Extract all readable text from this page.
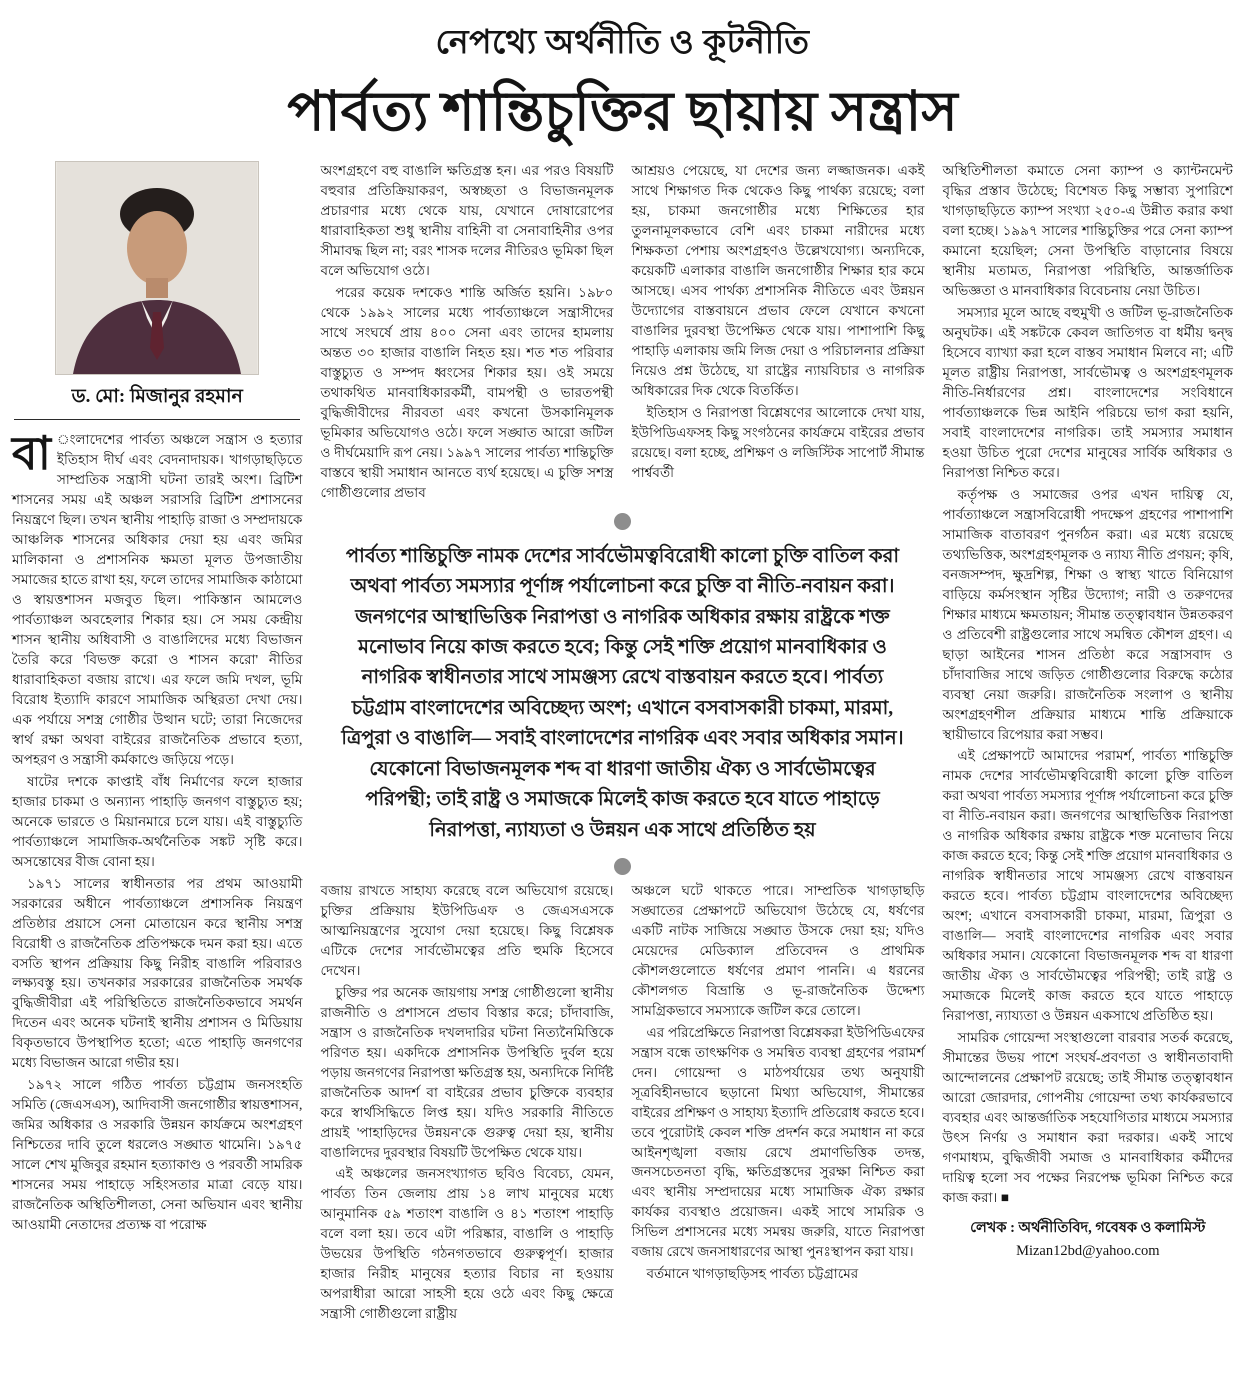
নেপথ্যে অর্থনীতি ও কূটনীতি
পার্বত্য শান্তিচুক্তির ছায়ায় সন্ত্রাস
ড. মো: মিজানুর রহমান

বা ংলাদেশের পার্বত্য অঞ্চলে সন্ত্রাস ও হত্যার ইতিহাস দীর্ঘ এবং বেদনাদায়ক। খাগড়াছড়িতে সাম্প্রতিক সন্ত্রাসী ঘটনা তারই অংশ। ব্রিটিশ শাসনের সময় এই অঞ্চল সরাসরি ব্রিটিশ প্রশাসনের নিয়ন্ত্রণে ছিল। তখন স্থানীয় পাহাড়ি রাজা ও সম্প্রদায়কে আঞ্চলিক শাসনের অধিকার দেয়া হয় এবং জমির মালিকানা ও প্রশাসনিক ক্ষমতা মূলত উপজাতীয় সমাজের হাতে রাখা হয়, ফলে তাদের সামাজিক কাঠামো ও স্বায়ত্তশাসন মজবুত ছিল। পাকিস্তান আমলেও পার্বত্যাঞ্চল অবহেলার শিকার হয়। সে সময় কেন্দ্রীয় শাসন স্থানীয় অধিবাসী ও বাঙালিদের মধ্যে বিভাজন তৈরি করে 'বিভক্ত করো ও শাসন করো' নীতির ধারাবাহিকতা বজায় রাখে। এর ফলে জমি দখল, ভূমি বিরোধ ইত্যাদি কারণে সামাজিক অস্থিরতা দেখা দেয়। এক পর্যায়ে সশস্ত্র গোষ্ঠীর উত্থান ঘটে; তারা নিজেদের স্বার্থ রক্ষা অথবা বাইরের রাজনৈতিক প্রভাবে হত্যা, অপহরণ ও সন্ত্রাসী কর্মকাণ্ডে জড়িয়ে পড়ে।

ষাটের দশকে কাপ্তাই বাঁধ নির্মাণের ফলে হাজার হাজার চাকমা ও অন্যান্য পাহাড়ি জনগণ বাস্তুচ্যুত হয়; অনেকে ভারতে ও মিয়ানমারে চলে যায়। এই বাস্তুচ্যুতি পার্বত্যাঞ্চলে সামাজিক-অর্থনৈতিক সঙ্কট সৃষ্টি করে। অসন্তোষের বীজ বোনা হয়।

১৯৭১ সালের স্বাধীনতার পর প্রথম আওয়ামী সরকারের অধীনে পার্বত্যাঞ্চলে প্রশাসনিক নিয়ন্ত্রণ প্রতিষ্ঠার প্রয়াসে সেনা মোতায়েন করে স্থানীয় সশস্ত্র বিরোধী ও রাজনৈতিক প্রতিপক্ষকে দমন করা হয়। এতে বসতি স্থাপন প্রক্রিয়ায় কিছু নিরীহ বাঙালি পরিবারও লক্ষ্যবস্তু হয়। তখনকার সরকারের রাজনৈতিক সমর্থক বুদ্ধিজীবীরা এই পরিস্থিতিতে রাজনৈতিকভাবে সমর্থন দিতেন এবং অনেক ঘটনাই স্থানীয় প্রশাসন ও মিডিয়ায় বিকৃতভাবে উপস্থাপিত হতো; এতে পাহাড়ি জনগণের মধ্যে বিভাজন আরো গভীর হয়।

১৯৭২ সালে গঠিত পার্বত্য চট্টগ্রাম জনসংহতি সমিতি (জেএসএস), আদিবাসী জনগোষ্ঠীর স্বায়ত্তশাসন, জমির অধিকার ও সরকারি উন্নয়ন কার্যক্রমে অংশগ্রহণ নিশ্চিতের দাবি তুলে ধরলেও সঙ্ঘাত থামেনি। ১৯৭৫ সালে শেখ মুজিবুর রহমান হত্যাকাণ্ড ও পরবর্তী সামরিক শাসনের সময় পাহাড়ে সহিংসতার মাত্রা বেড়ে যায়। রাজনৈতিক অস্থিতিশীলতা, সেনা অভিযান এবং স্থানীয় আওয়ামী নেতাদের প্রত্যক্ষ বা পরোক্ষ

অংশগ্রহণে বহু বাঙালি ক্ষতিগ্রস্ত হন। এর পরও বিষয়টি বহুবার প্রতিক্রিয়াকরণ, অস্বচ্ছতা ও বিভাজনমূলক প্রচারণার মধ্যে থেকে যায়, যেখানে দোষারোপের ধারাবাহিকতা শুধু স্থানীয় বাহিনী বা সেনাবাহিনীর ওপর সীমাবদ্ধ ছিল না; বরং শাসক দলের নীতিরও ভূমিকা ছিল বলে অভিযোগ ওঠে।

পরের কয়েক দশকেও শান্তি অর্জিত হয়নি। ১৯৮০ থেকে ১৯৯২ সালের মধ্যে পার্বত্যাঞ্চলে সন্ত্রাসীদের সাথে সংঘর্ষে প্রায় ৪০০ সেনা এবং তাদের হামলায় অন্তত ৩০ হাজার বাঙালি নিহত হয়। শত শত পরিবার বাস্তুচ্যুত ও সম্পদ ধ্বংসের শিকার হয়। ওই সময়ে তথাকথিত মানবাধিকারকর্মী, বামপন্থী ও ভারতপন্থী বুদ্ধিজীবীদের নীরবতা এবং কখনো উসকানিমূলক ভূমিকার অভিযোগও ওঠে। ফলে সঙ্ঘাত আরো জটিল ও দীর্ঘমেয়াদি রূপ নেয়। ১৯৯৭ সালের পার্বত্য শান্তিচুক্তি বাস্তবে স্থায়ী সমাধান আনতে ব্যর্থ হয়েছে। এ চুক্তি সশস্ত্র গোষ্ঠীগুলোর প্রভাব

আশ্রয়ও পেয়েছে, যা দেশের জন্য লজ্জাজনক। একই সাথে শিক্ষাগত দিক থেকেও কিছু পার্থক্য রয়েছে; বলা হয়, চাকমা জনগোষ্ঠীর মধ্যে শিক্ষিতের হার তুলনামূলকভাবে বেশি এবং চাকমা নারীদের মধ্যে শিক্ষকতা পেশায় অংশগ্রহণও উল্লেখযোগ্য। অন্যদিকে, কয়েকটি এলাকার বাঙালি জনগোষ্ঠীর শিক্ষার হার কমে আসছে। এসব পার্থক্য প্রশাসনিক নীতিতে এবং উন্নয়ন উদ্যোগের বাস্তবায়নে প্রভাব ফেলে যেখানে কখনো বাঙালির দুরবস্থা উপেক্ষিত থেকে যায়। পাশাপাশি কিছু পাহাড়ি এলাকায় জমি লিজ দেয়া ও পরিচালনার প্রক্রিয়া নিয়েও প্রশ্ন উঠেছে, যা রাষ্ট্রের ন্যায়বিচার ও নাগরিক অধিকারের দিক থেকে বিতর্কিত।

ইতিহাস ও নিরাপত্তা বিশ্লেষণের আলোকে দেখা যায়, ইউপিডিএফসহ কিছু সংগঠনের কার্যক্রমে বাইরের প্রভাব রয়েছে। বলা হচ্ছে, প্রশিক্ষণ ও লজিস্টিক সাপোর্ট সীমান্ত পার্শ্ববর্তী

পার্বত্য শান্তিচুক্তি নামক দেশের সার্বভৌমত্ববিরোধী কালো চুক্তি বাতিল করা অথবা পার্বত্য সমস্যার পূর্ণাঙ্গ পর্যালোচনা করে চুক্তি বা নীতি-নবায়ন করা। জনগণের আস্থাভিত্তিক নিরাপত্তা ও নাগরিক অধিকার রক্ষায় রাষ্ট্রকে শক্ত মনোভাব নিয়ে কাজ করতে হবে; কিন্তু সেই শক্তি প্রয়োগ মানবাধিকার ও নাগরিক স্বাধীনতার সাথে সামঞ্জস্য রেখে বাস্তবায়ন করতে হবে। পার্বত্য চট্টগ্রাম বাংলাদেশের অবিচ্ছেদ্য অংশ; এখানে বসবাসকারী চাকমা, মারমা, ত্রিপুরা ও বাঙালি— সবাই বাংলাদেশের নাগরিক এবং সবার অধিকার সমান। যেকোনো বিভাজনমূলক শব্দ বা ধারণা জাতীয় ঐক্য ও সার্বভৌমত্বের পরিপন্থী; তাই রাষ্ট্র ও সমাজকে মিলেই কাজ করতে হবে যাতে পাহাড়ে নিরাপত্তা, ন্যায্যতা ও উন্নয়ন এক সাথে প্রতিষ্ঠিত হয়

বজায় রাখতে সাহায্য করেছে বলে অভিযোগ রয়েছে। চুক্তির প্রক্রিয়ায় ইউপিডিএফ ও জেএসএসকে আত্মনিয়ন্ত্রণের সুযোগ দেয়া হয়েছে। কিছু বিশ্লেষক এটিকে দেশের সার্বভৌমত্বের প্রতি হুমকি হিসেবে দেখেন।

চুক্তির পর অনেক জায়গায় সশস্ত্র গোষ্ঠীগুলো স্থানীয় রাজনীতি ও প্রশাসনে প্রভাব বিস্তার করে; চাঁদাবাজি, সন্ত্রাস ও রাজনৈতিক দখলদারির ঘটনা নিত্যনৈমিত্তিকে পরিণত হয়। একদিকে প্রশাসনিক উপস্থিতি দুর্বল হয়ে পড়ায় জনগণের নিরাপত্তা ক্ষতিগ্রস্ত হয়, অন্যদিকে নির্দিষ্ট রাজনৈতিক আদর্শ বা বাইরের প্রভাব চুক্তিকে ব্যবহার করে স্বার্থসিদ্ধিতে লিপ্ত হয়। যদিও সরকারি নীতিতে প্রায়ই 'পাহাড়িদের উন্নয়ন'কে গুরুত্ব দেয়া হয়, স্থানীয় বাঙালিদের দুরবস্থার বিষয়টি উপেক্ষিত থেকে যায়।

এই অঞ্চলের জনসংখ্যাগত ছবিও বিবেচ্য, যেমন, পার্বত্য তিন জেলায় প্রায় ১৪ লাখ মানুষের মধ্যে আনুমানিক ৫৯ শতাংশ বাঙালি ও ৪১ শতাংশ পাহাড়ি বলে বলা হয়। তবে এটা পরিষ্কার, বাঙালি ও পাহাড়ি উভয়ের উপস্থিতি গঠনগতভাবে গুরুত্বপূর্ণ। হাজার হাজার নিরীহ মানুষের হত্যার বিচার না হওয়ায় অপরাধীরা আরো সাহসী হয়ে ওঠে এবং কিছু ক্ষেত্রে সন্ত্রাসী গোষ্ঠীগুলো রাষ্ট্রীয়

অঞ্চলে ঘটে থাকতে পারে। সাম্প্রতিক খাগড়াছড়ি সঙ্ঘাতের প্রেক্ষাপটে অভিযোগ উঠেছে যে, ধর্ষণের একটি নাটক সাজিয়ে সঙ্ঘাত উসকে দেয়া হয়; যদিও মেয়েদের মেডিক্যাল প্রতিবেদন ও প্রাথমিক কৌশলগুলোতে ধর্ষণের প্রমাণ পাননি। এ ধরনের কৌশলগত বিভ্রান্তি ও ভূ-রাজনৈতিক উদ্দেশ্য সামগ্রিকভাবে সমস্যাকে জটিল করে তোলে।

এর পরিপ্রেক্ষিতে নিরাপত্তা বিশ্লেষকরা ইউপিডিএফের সন্ত্রাস বন্ধে তাৎক্ষণিক ও সমন্বিত ব্যবস্থা গ্রহণের পরামর্শ দেন। গোয়েন্দা ও মাঠপর্যায়ের তথ্য অনুযায়ী সূত্রবিহীনভাবে ছড়ানো মিথ্যা অভিযোগ, সীমান্তের বাইরের প্রশিক্ষণ ও সাহায্য ইত্যাদি প্রতিরোধ করতে হবে। তবে পুরোটাই কেবল শক্তি প্রদর্শন করে সমাধান না করে আইনশৃঙ্খলা বজায় রেখে প্রমাণভিত্তিক তদন্ত, জনসচেতনতা বৃদ্ধি, ক্ষতিগ্রস্তদের সুরক্ষা নিশ্চিত করা এবং স্থানীয় সম্প্রদায়ের মধ্যে সামাজিক ঐক্য রক্ষার কার্যকর ব্যবস্থাও প্রয়োজন। একই সাথে সামরিক ও সিভিল প্রশাসনের মধ্যে সমন্বয় জরুরি, যাতে নিরাপত্তা বজায় রেখে জনসাধারণের আস্থা পুনঃস্থাপন করা যায়।

বর্তমানে খাগড়াছড়িসহ পার্বত্য চট্টগ্রামের

অস্থিতিশীলতা কমাতে সেনা ক্যাম্প ও ক্যান্টনমেন্ট বৃদ্ধির প্রস্তাব উঠেছে; বিশেষত কিছু সম্ভাব্য সুপারিশে খাগড়াছড়িতে ক্যাম্প সংখ্যা ২৫০-এ উন্নীত করার কথা বলা হচ্ছে। ১৯৯৭ সালের শান্তিচুক্তির পরে সেনা ক্যাম্প কমানো হয়েছিল; সেনা উপস্থিতি বাড়ানোর বিষয়ে স্থানীয় মতামত, নিরাপত্তা পরিস্থিতি, আন্তর্জাতিক অভিজ্ঞতা ও মানবাধিকার বিবেচনায় নেয়া উচিত।

সমস্যার মূলে আছে বহুমুখী ও জটিল ভূ-রাজনৈতিক অনুঘটক। এই সঙ্কটকে কেবল জাতিগত বা ধর্মীয় দ্বন্দ্ব হিসেবে ব্যাখ্যা করা হলে বাস্তব সমাধান মিলবে না; এটি মূলত রাষ্ট্রীয় নিরাপত্তা, সার্বভৌমত্ব ও অংশগ্রহণমূলক নীতি-নির্ধারণের প্রশ্ন। বাংলাদেশের সংবিধানে পার্বত্যাঞ্চলকে ভিন্ন আইনি পরিচয়ে ভাগ করা হয়নি, সবাই বাংলাদেশের নাগরিক। তাই সমস্যার সমাধান হওয়া উচিত পুরো দেশের মানুষের সার্বিক অধিকার ও নিরাপত্তা নিশ্চিত করে।

কর্তৃপক্ষ ও সমাজের ওপর এখন দায়িত্ব যে, পার্বত্যাঞ্চলে সন্ত্রাসবিরোধী পদক্ষেপ গ্রহণের পাশাপাশি সামাজিক বাতাবরণ পুনর্গঠন করা। এর মধ্যে রয়েছে তথ্যভিত্তিক, অংশগ্রহণমূলক ও ন্যায্য নীতি প্রণয়ন; কৃষি, বনজসম্পদ, ক্ষুদ্রশিল্প, শিক্ষা ও স্বাস্থ্য খাতে বিনিয়োগ বাড়িয়ে কর্মসংস্থান সৃষ্টির উদ্যোগ; নারী ও তরুণদের শিক্ষার মাধ্যমে ক্ষমতায়ন; সীমান্ত তত্ত্বাবধান উন্নতকরণ ও প্রতিবেশী রাষ্ট্রগুলোর সাথে সমন্বিত কৌশল গ্রহণ। এ ছাড়া আইনের শাসন প্রতিষ্ঠা করে সন্ত্রাসবাদ ও চাঁদাবাজির সাথে জড়িত গোষ্ঠীগুলোর বিরুদ্ধে কঠোর ব্যবস্থা নেয়া জরুরি। রাজনৈতিক সংলাপ ও স্থানীয় অংশগ্রহণশীল প্রক্রিয়ার মাধ্যমে শান্তি প্রক্রিয়াকে স্থায়ীভাবে রিপেয়ার করা সম্ভব।

এই প্রেক্ষাপটে আমাদের পরামর্শ, পার্বত্য শান্তিচুক্তি নামক দেশের সার্বভৌমত্ববিরোধী কালো চুক্তি বাতিল করা অথবা পার্বত্য সমস্যার পূর্ণাঙ্গ পর্যালোচনা করে চুক্তি বা নীতি-নবায়ন করা। জনগণের আস্থাভিত্তিক নিরাপত্তা ও নাগরিক অধিকার রক্ষায় রাষ্ট্রকে শক্ত মনোভাব নিয়ে কাজ করতে হবে; কিন্তু সেই শক্তি প্রয়োগ মানবাধিকার ও নাগরিক স্বাধীনতার সাথে সামঞ্জস্য রেখে বাস্তবায়ন করতে হবে। পার্বত্য চট্টগ্রাম বাংলাদেশের অবিচ্ছেদ্য অংশ; এখানে বসবাসকারী চাকমা, মারমা, ত্রিপুরা ও বাঙালি— সবাই বাংলাদেশের নাগরিক এবং সবার অধিকার সমান। যেকোনো বিভাজনমূলক শব্দ বা ধারণা জাতীয় ঐক্য ও সার্বভৌমত্বের পরিপন্থী; তাই রাষ্ট্র ও সমাজকে মিলেই কাজ করতে হবে যাতে পাহাড়ে নিরাপত্তা, ন্যায্যতা ও উন্নয়ন একসাথে প্রতিষ্ঠিত হয়।

সামরিক গোয়েন্দা সংস্থাগুলো বারবার সতর্ক করেছে, সীমান্তের উভয় পাশে সংঘর্ষ-প্রবণতা ও স্বাধীনতাবাদী আন্দোলনের প্রেক্ষাপট রয়েছে; তাই সীমান্ত তত্ত্বাবধান আরো জোরদার, গোপনীয় গোয়েন্দা তথ্য কার্যকরভাবে ব্যবহার এবং আন্তর্জাতিক সহযোগিতার মাধ্যমে সমস্যার উৎস নির্ণয় ও সমাধান করা দরকার। একই সাথে গণমাধ্যম, বুদ্ধিজীবী সমাজ ও মানবাধিকার কর্মীদের দায়িত্ব হলো সব পক্ষের নিরপেক্ষ ভূমিকা নিশ্চিত করে কাজ করা। ■

লেখক : অর্থনীতিবিদ, গবেষক ও কলামিস্ট
Mizan12bd@yahoo.com
